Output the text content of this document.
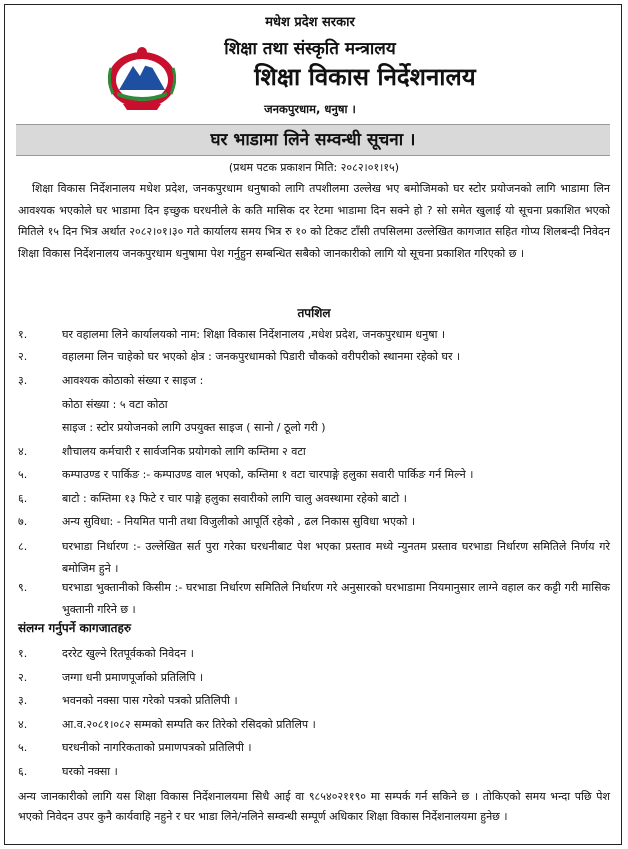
मधेश प्रदेश सरकार
शिक्षा तथा संस्कृति मन्त्रालय
शिक्षा विकास निर्देशनालय
जनकपुरधाम, धनुषा ।
घर भाडामा लिने सम्वन्धी सूचना ।
(प्रथम पटक प्रकाशन मिति: २०८२।०१।१५)
शिक्षा विकास निर्देशनालय मधेश प्रदेश, जनकपुरधाम धनुषाको लागि तपशीलमा उल्लेख भए बमोजिमको घर स्टोर प्रयोजनको लागि भाडामा लिन आवश्यक भएकोले घर भाडामा दिन इच्छुक घरधनीले के कति मासिक दर रेटमा भाडामा दिन सक्ने हो ? सो समेत खुलाई यो सूचना प्रकाशित भएको मितिले १५ दिन भित्र अर्थात २०८२।०१।३० गते कार्यालय समय भित्र रु १० को टिकट टाँसी तपसिलमा उल्लेखित कागजात सहित गोप्य शिलबन्दी निवेदन शिक्षा विकास निर्देशनालय जनकपुरधाम धनुषामा पेश गर्नुहुन सम्बन्धित सबैको जानकारीको लागि यो सूचना प्रकाशित गरिएको छ ।
तपशिल
१.	घर वहालमा लिने कार्यालयको नाम: शिक्षा विकास निर्देशनालय ,मधेश प्रदेश, जनकपुरधाम धनुषा ।
२.	वहालमा लिन चाहेको घर भएको क्षेत्र : जनकपुरधामको पिडारी चौकको वरीपरीको स्थानमा रहेको घर ।
३.	आवश्यक कोठाको संख्या र साइज :
कोठा संख्या : ५ वटा कोठा
साइज : स्टोर प्रयोजनको लागि उपयुक्त साइज ( सानो / ठूलो गरी )
४.	शौचालय कर्मचारी र सार्वजनिक प्रयोगको लागि कम्तिमा २ वटा
५.	कम्पाउण्ड र पार्किङ :- कम्पाउण्ड वाल भएको, कम्तिमा १ वटा चारपाङ्गे हलुका सवारी पार्किङ गर्न मिल्ने ।
६.	बाटो : कम्तिमा १३ फिटे र चार पाङ्गे हलुका सवारीको लागि चालु अवस्थामा रहेको बाटो ।
७.	अन्य सुविधा: - नियमित पानी तथा विजुलीको आपूर्ति रहेको , ढल निकास सुविधा भएको ।
८.	घरभाडा निर्धारण :- उल्लेखित सर्त पुरा गरेका घरधनीबाट पेश भएका प्रस्ताव मध्ये न्युनतम प्रस्ताव घरभाडा निर्धारण समितिले निर्णय गरे बमोजिम हुने ।
९.	घरभाडा भुक्तानीको किसीम :- घरभाडा निर्धारण समितिले निर्धारण गरे अनुसारको घरभाडामा नियमानुसार लाग्ने वहाल कर कट्टी गरी मासिक भुक्तानी गरिने छ ।
संलग्न गर्नुपर्ने कागजातहरु
१.	दररेट खुल्ने रितपूर्वकको निवेदन ।
२.	जग्गा धनी प्रमाणपूर्जाको प्रतिलिपि ।
३.	भवनको नक्सा पास गरेको पत्रको प्रतिलिपी ।
४.	आ.व.२०८१।०८२ सम्मको सम्पति कर तिरेको रसिदको प्रतिलिप ।
५.	घरधनीको नागरिकताको प्रमाणपत्रको प्रतिलिपी ।
६.	घरको नक्सा ।
अन्य जानकारीको लागि यस शिक्षा विकास निर्देशनालयमा सिधै आई वा ९८५४०२११९० मा सम्पर्क गर्न सकिने छ । तोकिएको समय भन्दा पछि पेश भएको निवेदन उपर कुनै कार्यवाहि नहुने र घर भाडा लिने/नलिने सम्वन्धी सम्पूर्ण अधिकार शिक्षा विकास निर्देशनालयमा हुनेछ ।
